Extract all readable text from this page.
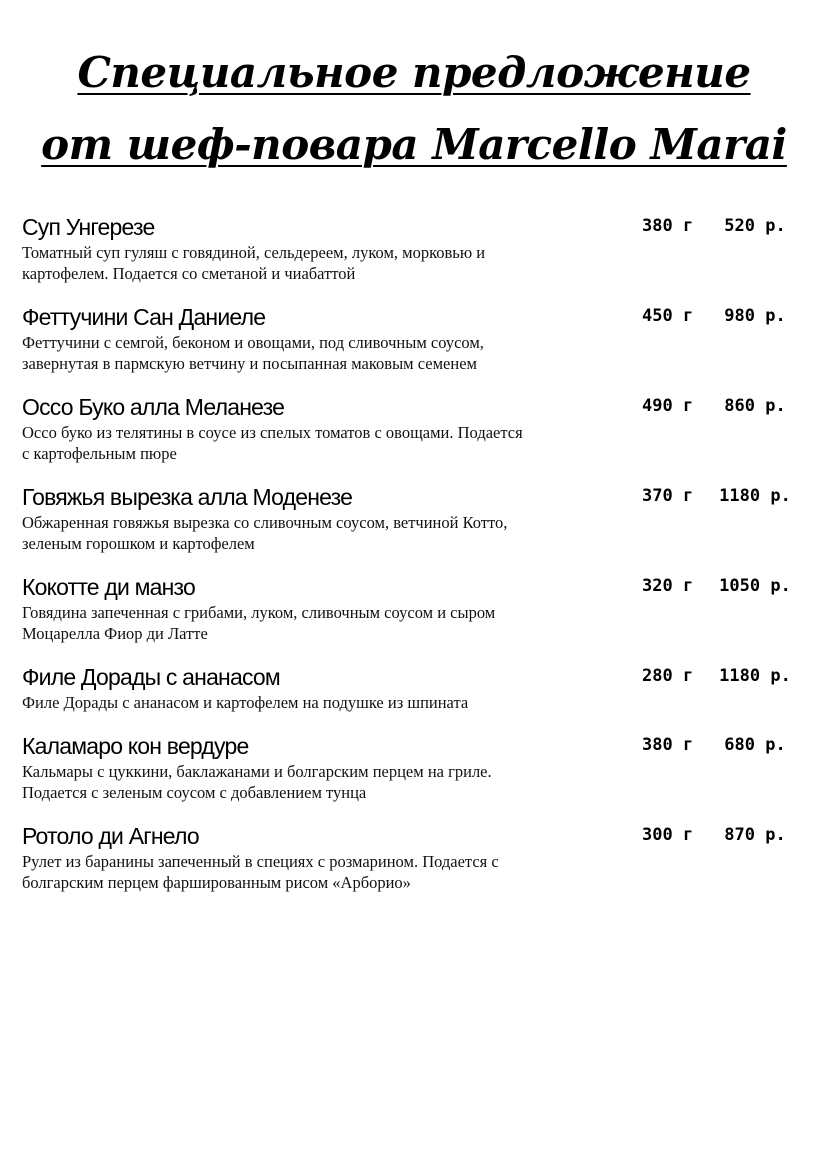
Специальное предложение
от шеф-повара Marcello Marai
Суп Унгерезе
Томатный суп гуляш с говядиной, сельдереем, луком, морковью и
картофелем. Подается со сметаной и чиабаттой
380 г	520 р.
Феттучини Сан Даниеле
Феттучини с семгой, беконом и овощами, под сливочным соусом,
завернутая в пармскую ветчину и посыпанная маковым семенем
450 г	980 р.
Оссо Буко алла Меланезе
Оссо буко из телятины в соусе из спелых томатов с овощами. Подается
с картофельным пюре
490 г	860 р.
Говяжья вырезка алла Моденезе
Обжаренная говяжья вырезка со сливочным соусом, ветчиной Котто,
зеленым горошком и картофелем
370 г	1180 р.
Кокотте ди манзо
Говядина запеченная с грибами, луком, сливочным соусом и сыром
Моцарелла Фиор ди Латте
320 г	1050 р.
Филе Дорады с ананасом
Филе Дорады с ананасом и картофелем на подушке из шпината
280 г	1180 р.
Каламаро кон вердуре
Кальмары с цуккини, баклажанами и болгарским перцем на гриле.
Подается с зеленым соусом с добавлением тунца
380 г	680 р.
Ротоло ди Агнело
Рулет из баранины запеченный в специях с розмарином. Подается с
болгарским перцем фаршированным рисом «Арборио»
300 г	870 р.
